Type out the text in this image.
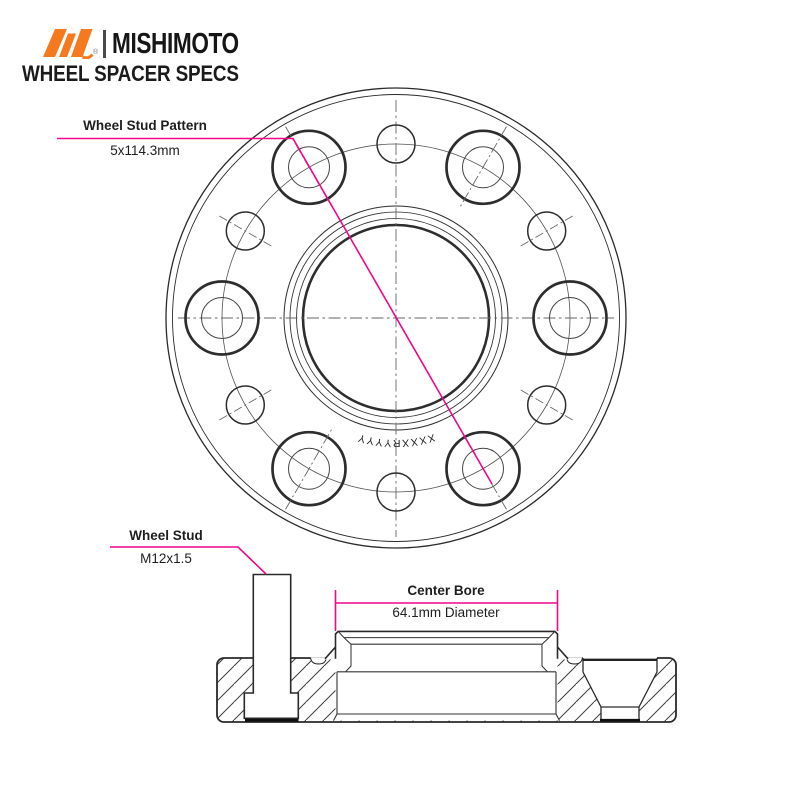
® MISHIMOTO
WHEEL SPACER SPECS
XXXXRYYYY
Wheel Stud Pattern
5x114.3mm
Wheel Stud
M12x1.5
Center Bore
64.1mm Diameter
